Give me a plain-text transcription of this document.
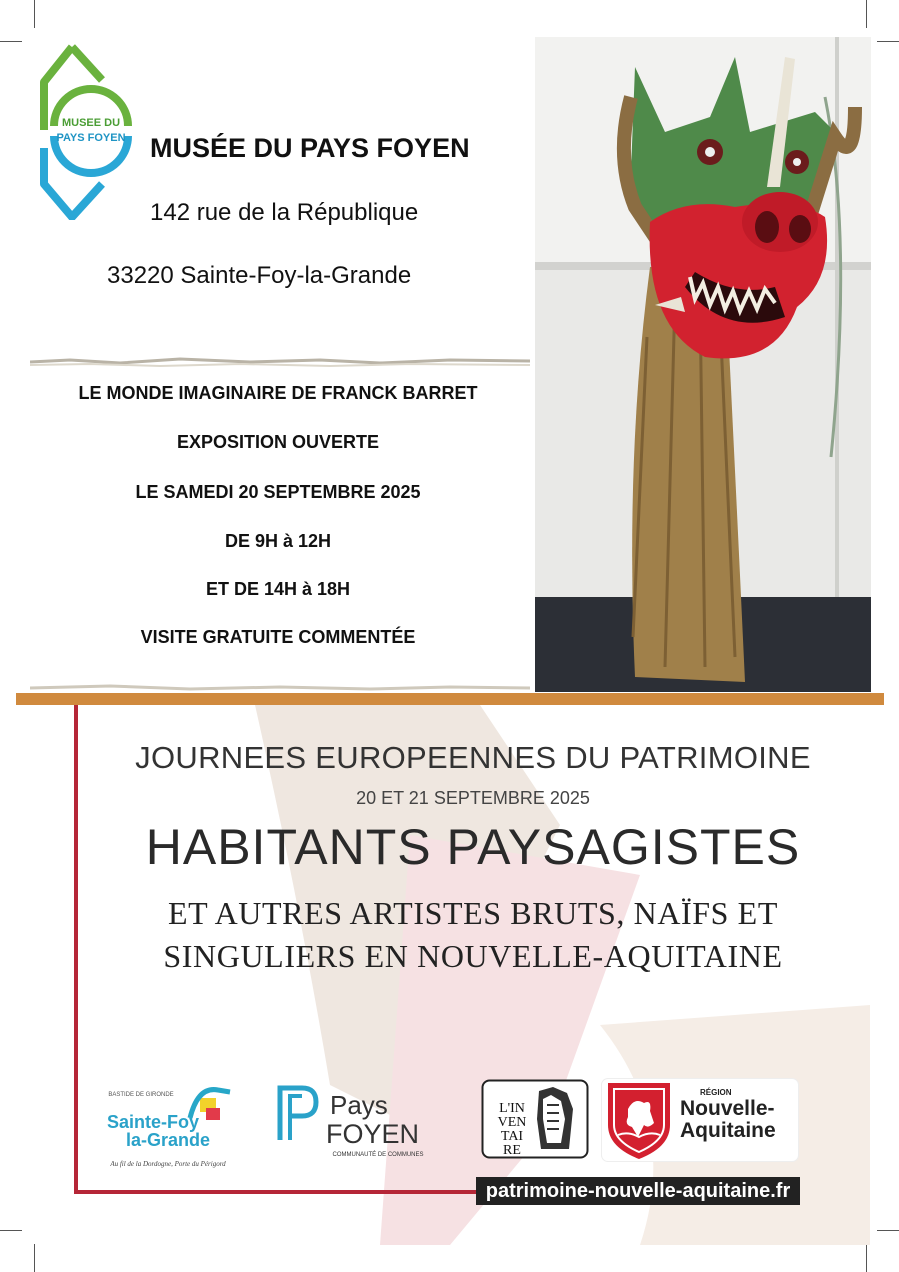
MUSEE DU
PAYS FOYEN MUSÉE DU PAYS FOYEN
142 rue de la République
33220 Sainte-Foy-la-Grande
LE MONDE IMAGINAIRE DE FRANCK BARRET
EXPOSITION OUVERTE
LE SAMEDI 20 SEPTEMBRE 2025
DE 9H à 12H
ET DE 14H à 18H
VISITE GRATUITE COMMENTÉE
JOURNEES EUROPEENNES DU PATRIMOINE
20 ET 21 SEPTEMBRE 2025
HABITANTS PAYSAGISTES
ET AUTRES ARTISTES BRUTS, NAÏFS ET
SINGULIERS EN NOUVELLE-AQUITAINE
BASTIDE DE GIRONDE
Sainte-Foy
la-Grande
Au fil de la Dordogne, Porte du Périgord
Pays
FOYEN
COMMUNAUTÉ DE COMMUNES
L'IN
VEN
TAI
RE
RÉGION
Nouvelle-
Aquitaine
patrimoine-nouvelle-aquitaine.fr
